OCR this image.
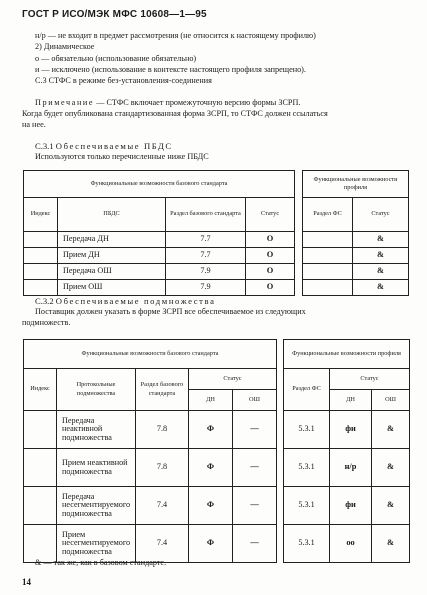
ГОСТ Р ИСО/МЭК МФС 10608—1—95
н/р — не входит в предмет рассмотрения (не относится к настоящему профилю)
2) Динамическое
о — обязательно (использование обязательно)
и — исключено (использование в контексте настоящего профиля запрещено).
С.3 СТФС в режиме без-установления-соединения
Примечание — СТФС включает промежуточную версию формы ЗСРП.
Когда будет опубликована стандартизованная форма ЗСРП, то СТФС должен ссылаться
на нее.
С.3.1 Обеспечиваемые ПБДС
Используются только перечисленные ниже ПБДС
Функциональные возможности базового стандарта			
Индекс	ПБДС	Раздел базового стандарта	Статус
	Передача ДН	7.7	О
	Прием ДН	7.7	О
	Передача ОШ	7.9	О
	Прием ОШ	7.9	О
Функциональные возможности профиля	
Раздел ФС	Статус
	&
	&
	&
	&
С.3.2 Обеспечиваемые подмножества
Поставщик должен указать в форме ЗСРП все обеспечиваемое из следующих
подмножеств.
Функциональные возможности базового стандарта				
Индекс	Протокольные подмножества	Раздел базового стандарта	Статус	
			ДН	ОШ
	Передача неактивной подмножества	7.8	Ф	—
	Прием неактивной подмножества	7.8	Ф	—
	Передача несегментируемого подмножества	7.4	Ф	—
	Прием несегментируемого подмножества	7.4	Ф	—
Функциональные возможности профиля		
Раздел ФС	Статус	
	ДН	ОШ
5.3.1	фи	&
5.3.1	н/р	&
5.3.1	фи	&
5.3.1	оо	&
& — так же, как в базовом стандарте.
14
